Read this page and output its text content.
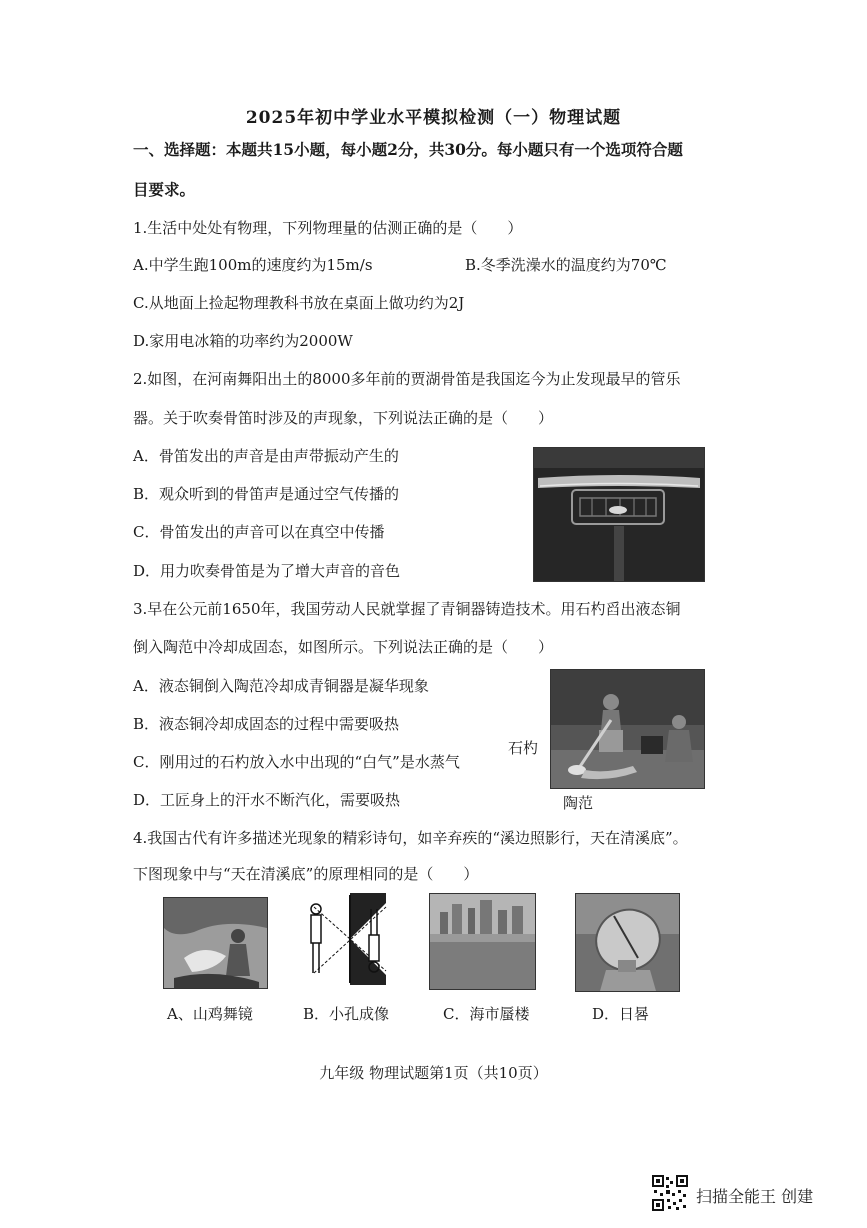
2025年初中学业水平模拟检测（一）物理试题
一、选择题：本题共15小题，每小题2分，共30分。每小题只有一个选项符合题
目要求。
1.生活中处处有物理，下列物理量的估测正确的是（　　）
A.中学生跑100m的速度约为15m/s	B.冬季洗澡水的温度约为70℃
C.从地面上捡起物理教科书放在桌面上做功约为2J
D.家用电冰箱的功率约为2000W
2.如图，在河南舞阳出土的8000多年前的贾湖骨笛是我国迄今为止发现最早的管乐
器。关于吹奏骨笛时涉及的声现象，下列说法正确的是（　　）
A．骨笛发出的声音是由声带振动产生的
B．观众听到的骨笛声是通过空气传播的
C．骨笛发出的声音可以在真空中传播
D．用力吹奏骨笛是为了增大声音的音色
3.早在公元前1650年，我国劳动人民就掌握了青铜器铸造技术。用石杓舀出液态铜
倒入陶范中冷却成固态，如图所示。下列说法正确的是（　　）
A．液态铜倒入陶范冷却成青铜器是凝华现象
B．液态铜冷却成固态的过程中需要吸热
C．刚用过的石杓放入水中出现的“白气”是水蒸气
D．工匠身上的汗水不断汽化，需要吸热
石杓
陶范
4.我国古代有许多描述光现象的精彩诗句，如辛弃疾的“溪边照影行，天在清溪底”。
下图现象中与“天在清溪底”的原理相同的是（　　）
A、山鸡舞镜	B．小孔成像	C．海市蜃楼	D．日晷
九年级 物理试题第1页（共10页）
扫描全能王 创建
